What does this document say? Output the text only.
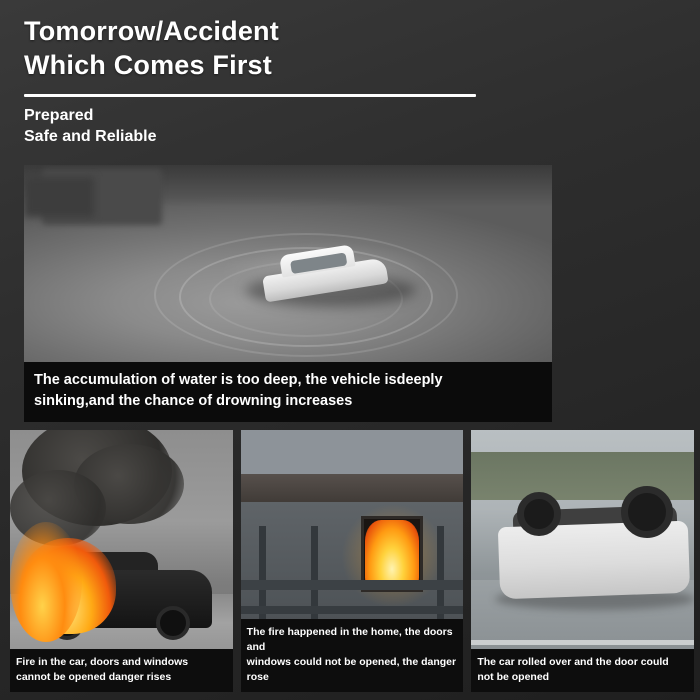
Tomorrow/Accident
Which Comes First
Prepared
Safe and Reliable
The accumulation of water is too deep, the vehicle isdeeply
sinking,and the chance of drowning increases
Fire in the car, doors and windows
cannot be opened danger rises
The fire happened in the home, the doors and
windows could not be opened, the danger rose
The car rolled over and the door could
not be opened
